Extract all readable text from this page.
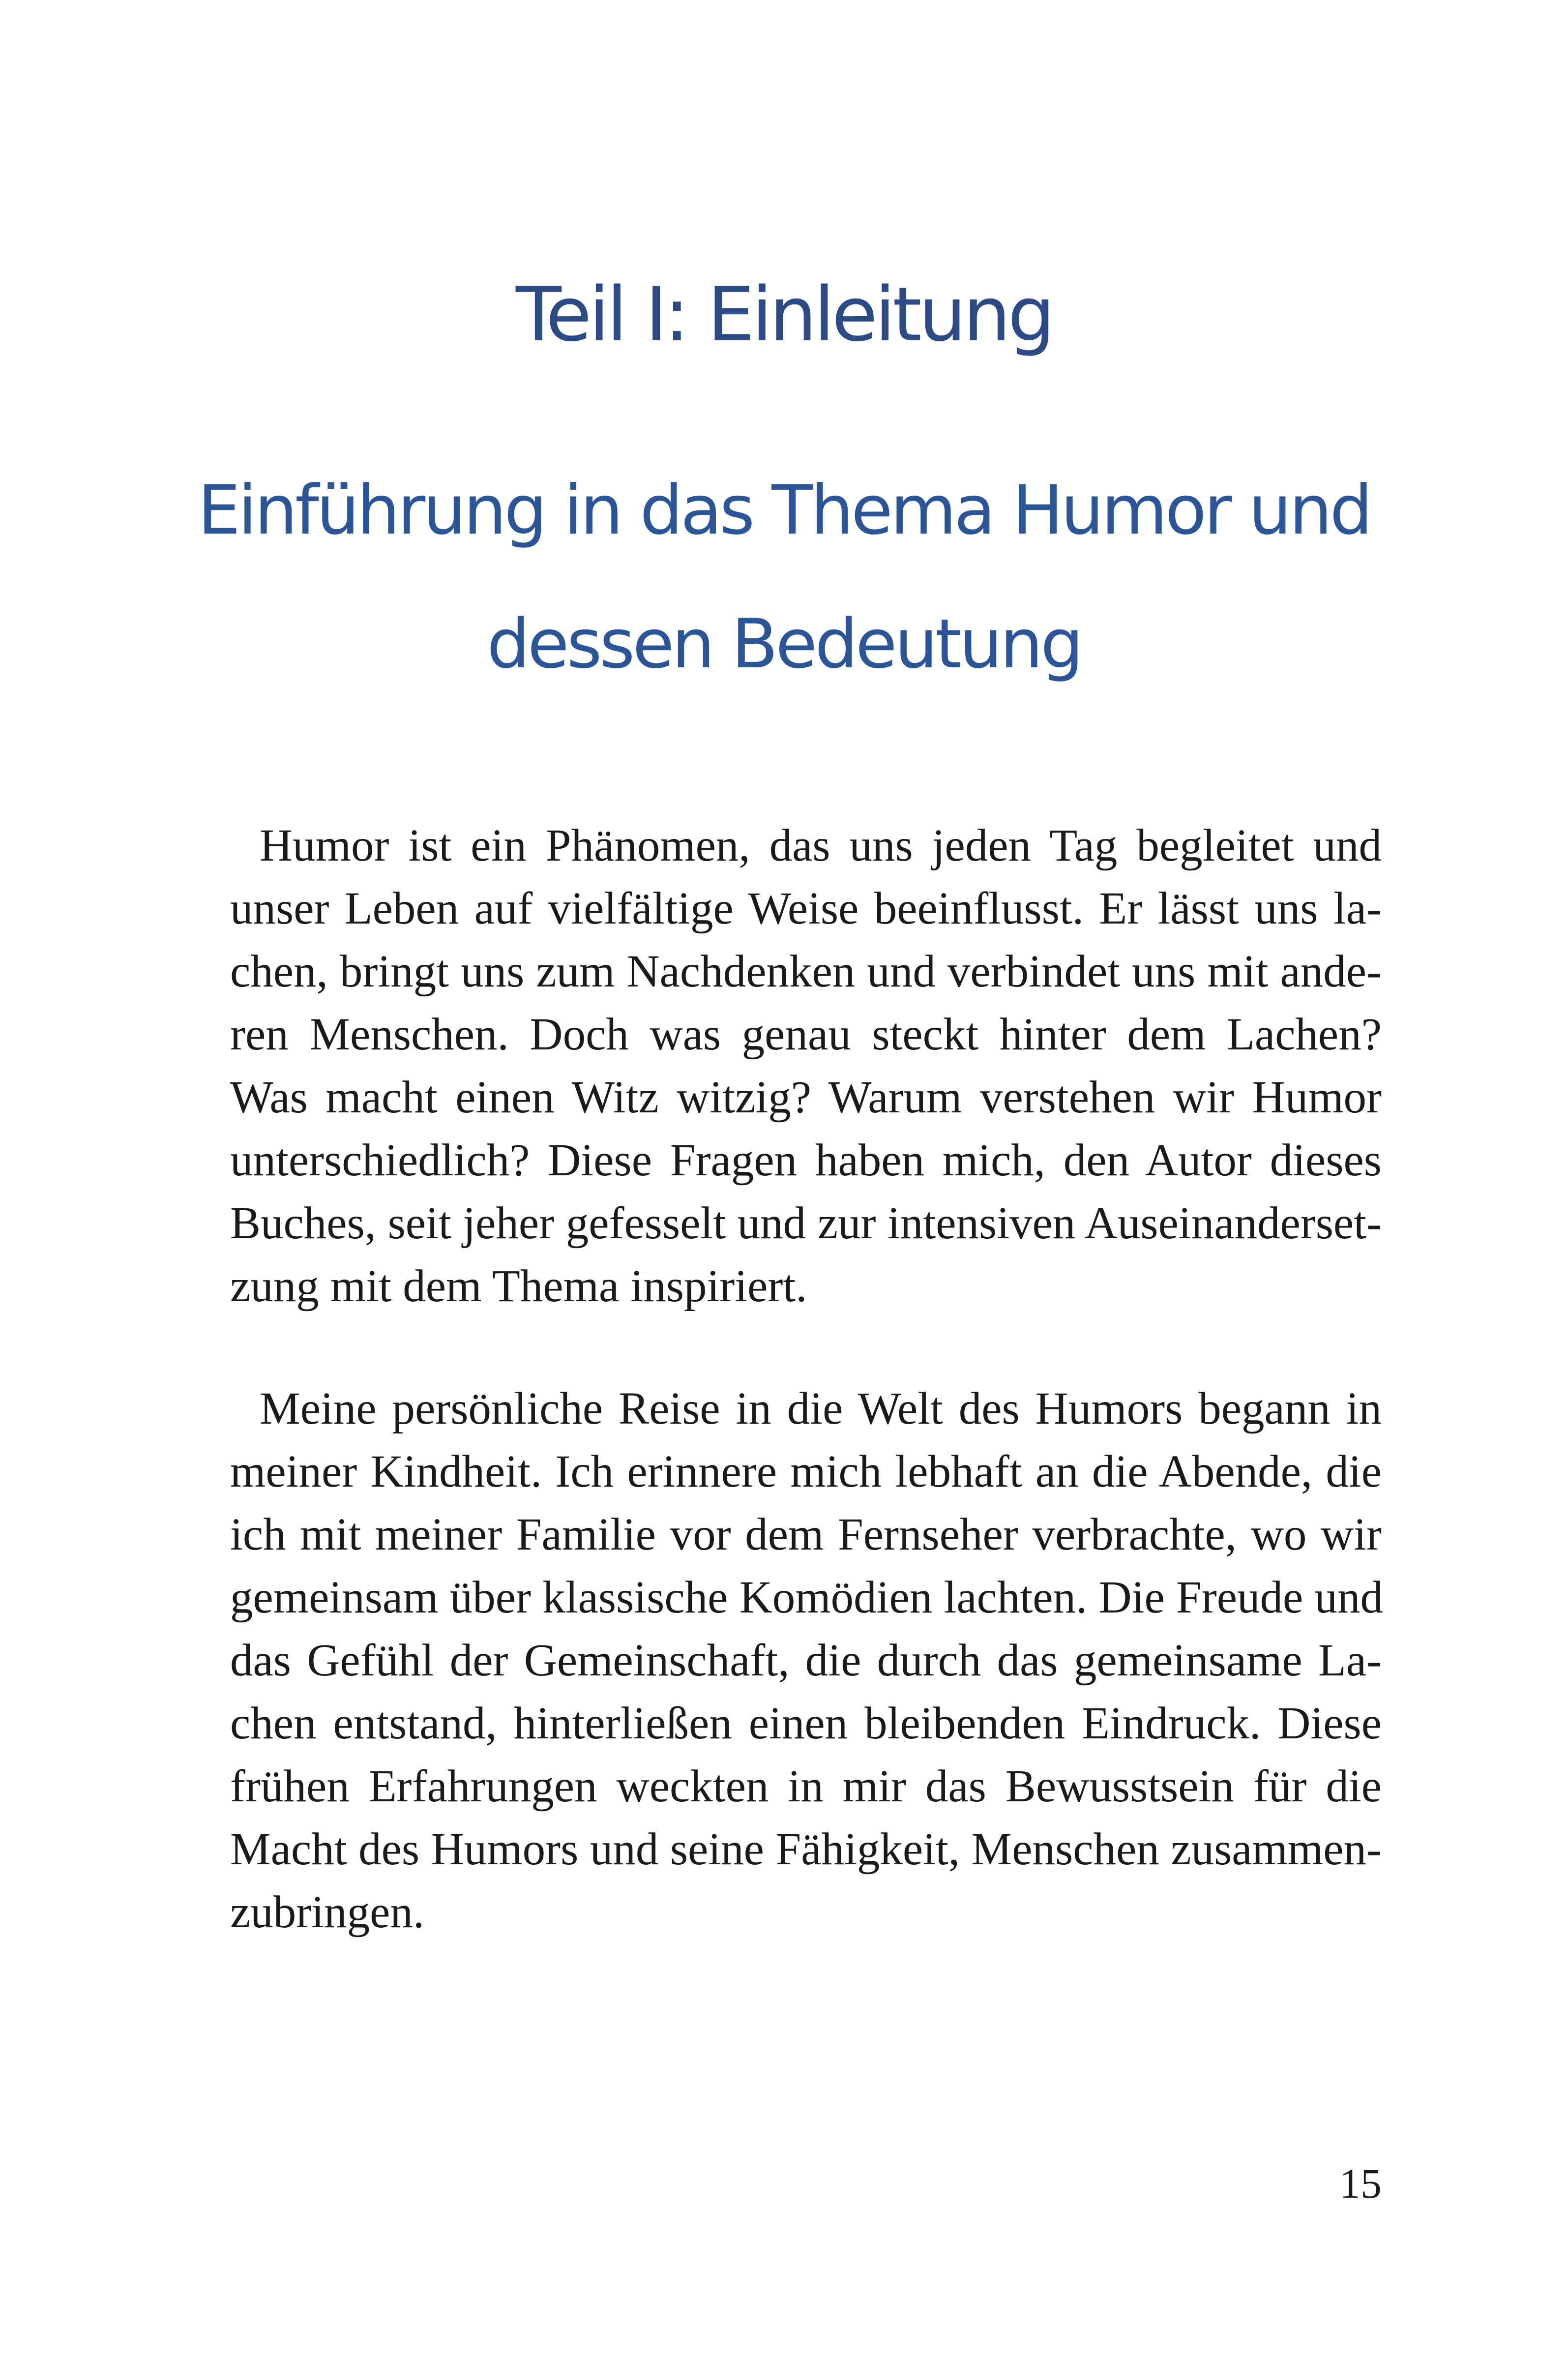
Teil I: Einleitung
Einführung in das Thema Humor und
dessen Bedeutung
Humor ist ein Phänomen, das uns jeden Tag begleitet und
unser Leben auf vielfältige Weise beeinflusst. Er lässt uns la-
chen, bringt uns zum Nachdenken und verbindet uns mit ande-
ren Menschen. Doch was genau steckt hinter dem Lachen?
Was macht einen Witz witzig? Warum verstehen wir Humor
unterschiedlich? Diese Fragen haben mich, den Autor dieses
Buches, seit jeher gefesselt und zur intensiven Auseinanderset-
zung mit dem Thema inspiriert.
Meine persönliche Reise in die Welt des Humors begann in
meiner Kindheit. Ich erinnere mich lebhaft an die Abende, die
ich mit meiner Familie vor dem Fernseher verbrachte, wo wir
gemeinsam über klassische Komödien lachten. Die Freude und
das Gefühl der Gemeinschaft, die durch das gemeinsame La-
chen entstand, hinterließen einen bleibenden Eindruck. Diese
frühen Erfahrungen weckten in mir das Bewusstsein für die
Macht des Humors und seine Fähigkeit, Menschen zusammen-
zubringen.
15
